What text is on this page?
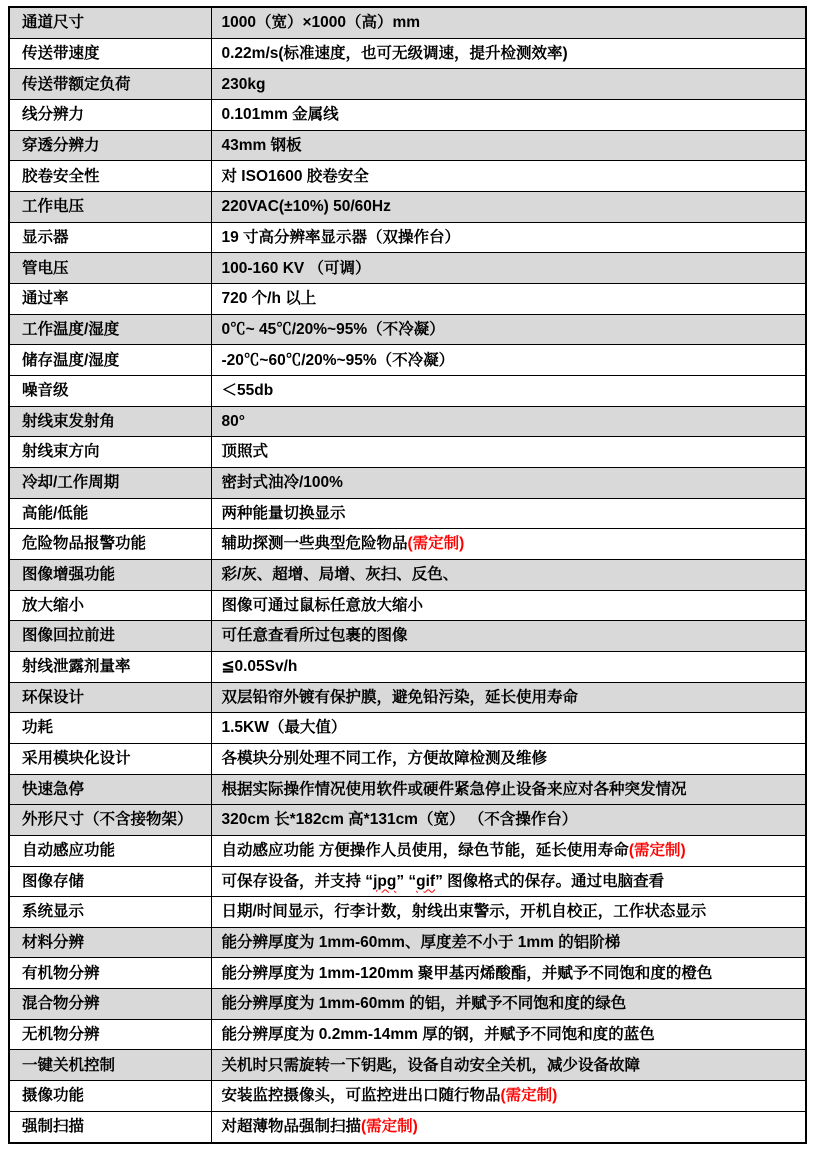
通道尺寸	1000（宽）×1000（高）mm
传送带速度	0.22m/s(标准速度，也可无级调速，提升检测效率)
传送带额定负荷	230kg
线分辨力	0.101mm 金属线
穿透分辨力	43mm 钢板
胶卷安全性	对 ISO1600 胶卷安全
工作电压	220VAC(±10%) 50/60Hz
显示器	19 寸高分辨率显示器（双操作台）
管电压	100-160 KV （可调）
通过率	720 个/h 以上
工作温度/湿度	0℃~ 45℃/20%~95%（不冷凝）
储存温度/湿度	-20℃~60℃/20%~95%（不冷凝）
噪音级	＜55db
射线束发射角	80°
射线束方向	顶照式
冷却/工作周期	密封式油冷/100%
高能/低能	两种能量切换显示
危险物品报警功能	辅助探测一些典型危险物品(需定制)
图像增强功能	彩/灰、超增、局增、灰扫、反色、
放大缩小	图像可通过鼠标任意放大缩小
图像回拉前进	可任意查看所过包裹的图像
射线泄露剂量率	≦0.05Sv/h
环保设计	双层铅帘外镀有保护膜，避免铅污染，延长使用寿命
功耗	1.5KW（最大值）
采用模块化设计	各模块分别处理不同工作，方便故障检测及维修
快速急停	根据实际操作情况使用软件或硬件紧急停止设备来应对各种突发情况
外形尺寸（不含接物架）	320cm 长*182cm 高*131cm（宽） （不含操作台）
自动感应功能	自动感应功能 方便操作人员使用，绿色节能，延长使用寿命(需定制)
图像存储	可保存设备，并支持 “jpg” “gif” 图像格式的保存。通过电脑查看
系统显示	日期/时间显示，行李计数，射线出束警示，开机自校正，工作状态显示
材料分辨	能分辨厚度为 1mm-60mm、厚度差不小于 1mm 的铝阶梯
有机物分辨	能分辨厚度为 1mm-120mm 聚甲基丙烯酸酯，并赋予不同饱和度的橙色
混合物分辨	能分辨厚度为 1mm-60mm 的铝，并赋予不同饱和度的绿色
无机物分辨	能分辨厚度为 0.2mm-14mm 厚的钢，并赋予不同饱和度的蓝色
一键关机控制	关机时只需旋转一下钥匙，设备自动安全关机，减少设备故障
摄像功能	安装监控摄像头，可监控进出口随行物品(需定制)
强制扫描	对超薄物品强制扫描(需定制)
